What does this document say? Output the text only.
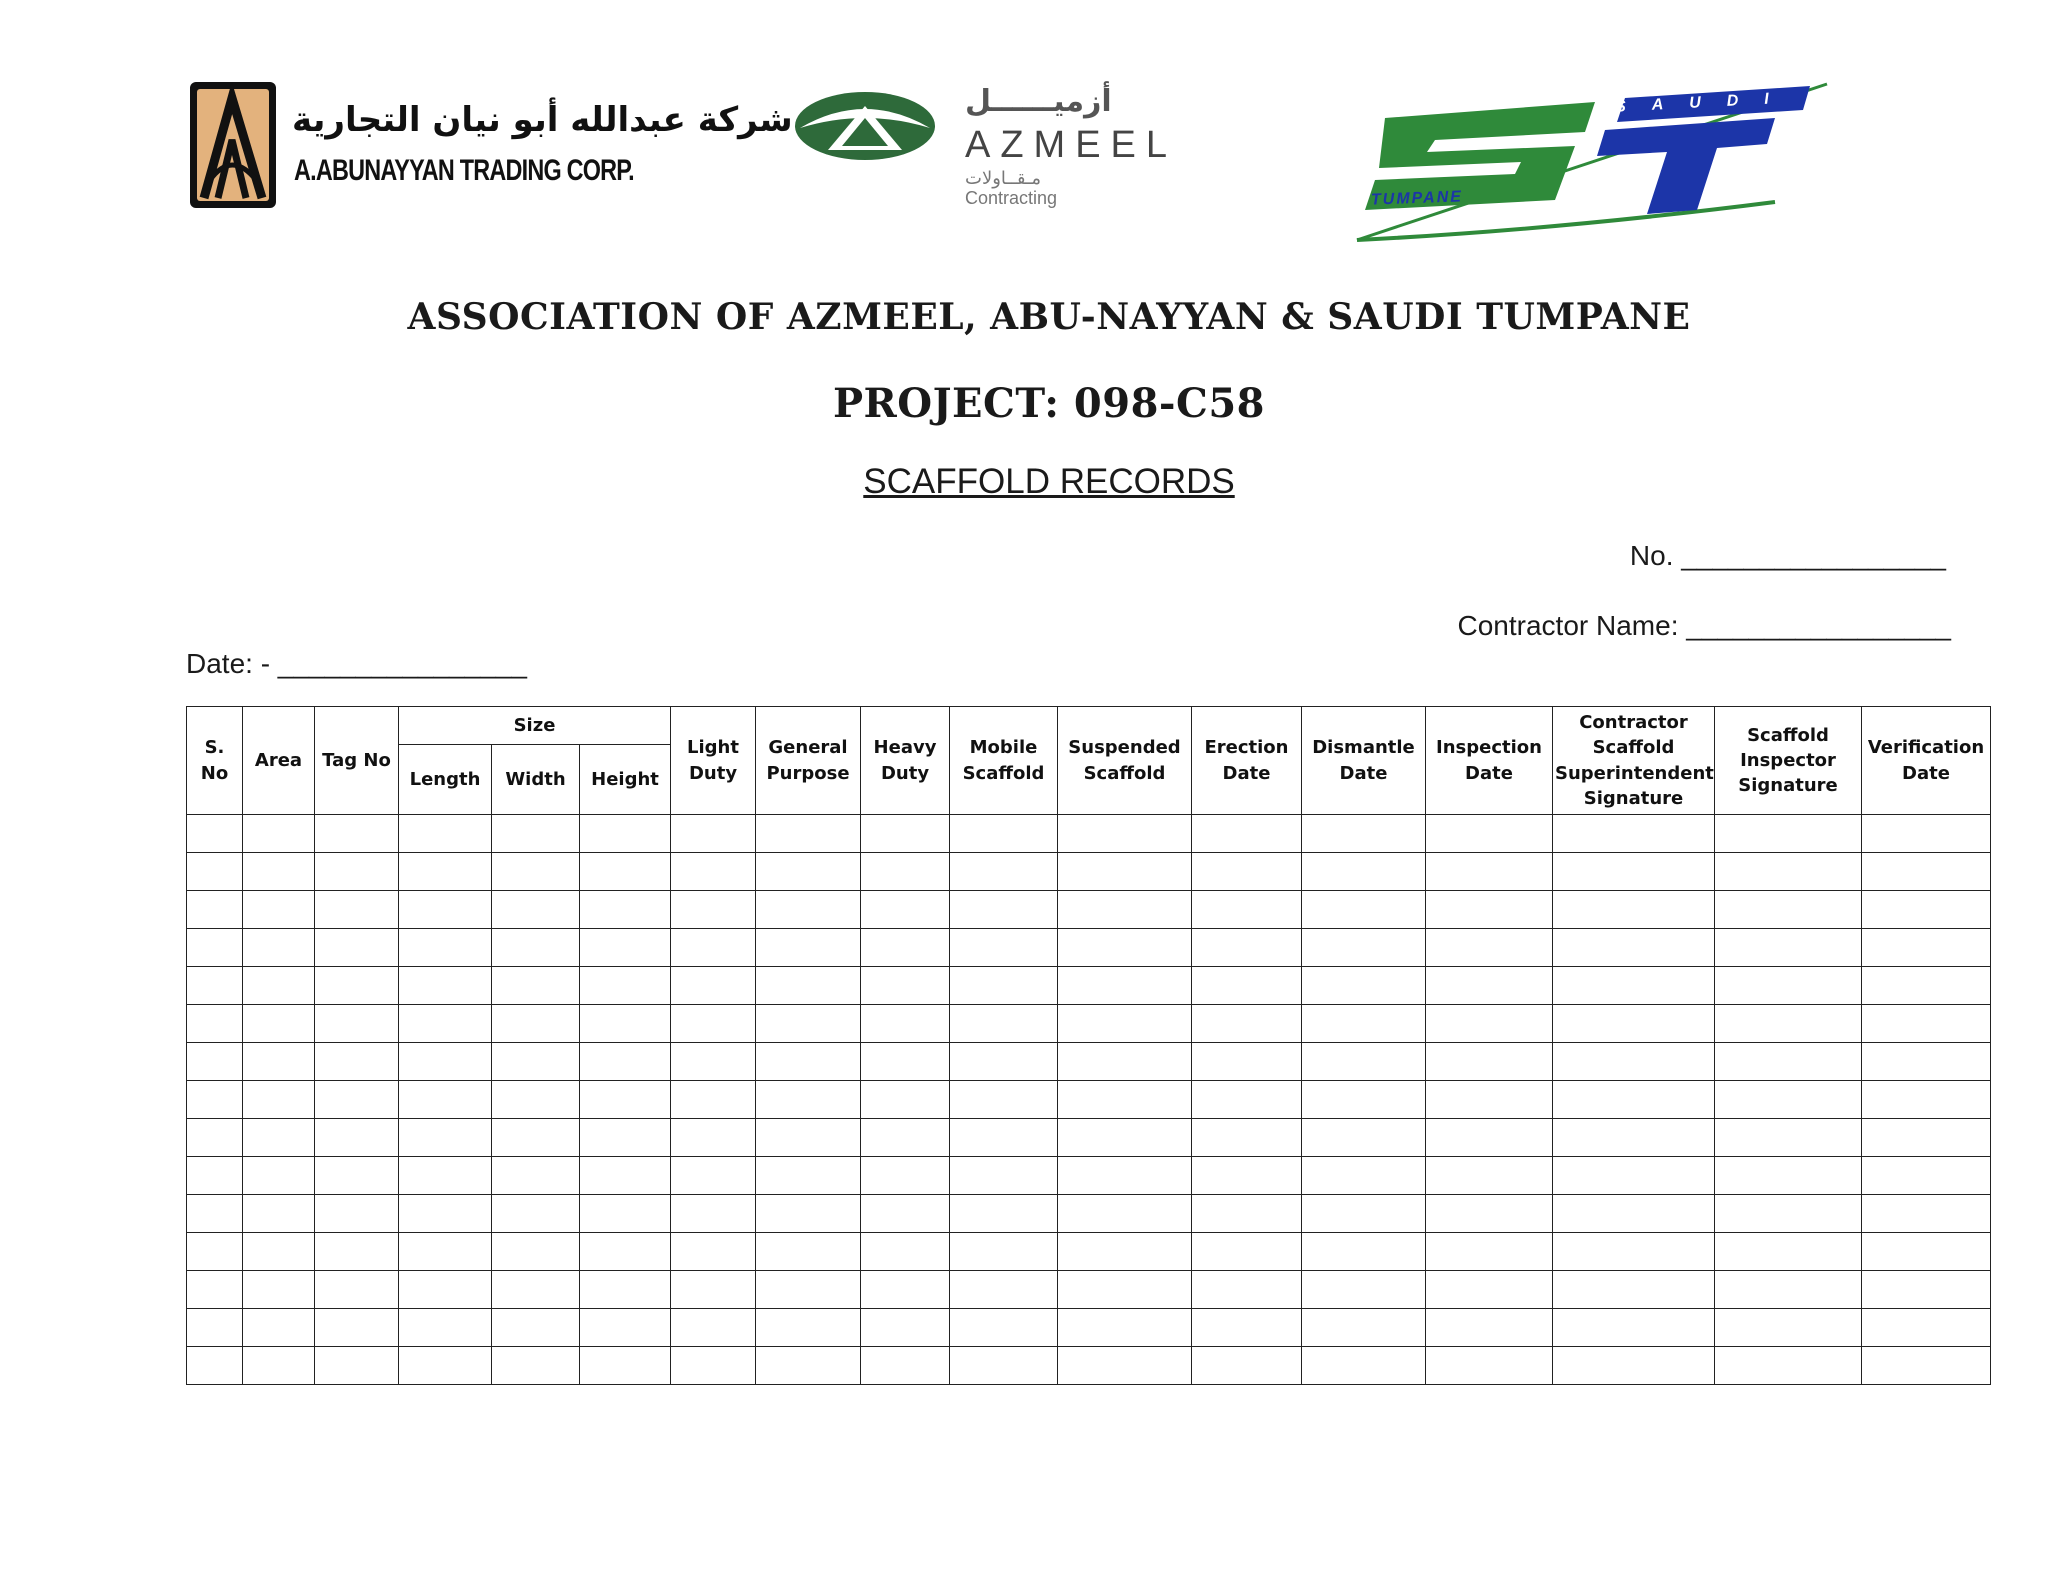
شركة عبدالله أبو نيان التجارية
A.ABUNAYYAN TRADING CORP.
أزميــــــل
AZMEEL
مـقــاولات
Contracting
SAUDI
TUMPANE
ASSOCIATION OF AZMEEL, ABU-NAYYAN & SAUDI TUMPANE
PROJECT: 098-C58
SCAFFOLD RECORDS
No. _________________
Contractor Name: _________________
Date: - ________________
S. No	Area	Tag No	Size			Light Duty	General Purpose	Heavy Duty	Mobile Scaffold	Suspended Scaffold	Erection Date	Dismantle Date	Inspection Date	Contractor Scaffold Superintendent Signature	Scaffold Inspector Signature	Verification Date
			Length	Width	Height											
